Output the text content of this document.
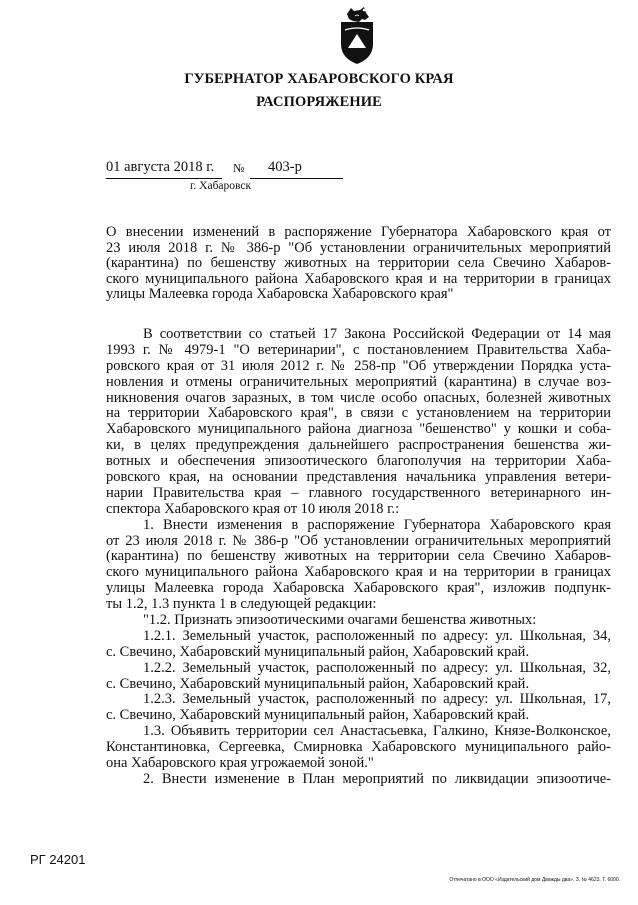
ГУБЕРНАТОР ХАБАРОВСКОГО КРАЯ
РАСПОРЯЖЕНИЕ
01 августа 2018 г. № 403-р
г. Хабаровск
О внесении изменений в распоряжение Губернатора Хабаровского края от
23 июля 2018 г. № 386-р "Об установлении ограничительных мероприятий
(карантина) по бешенству животных на территории села Свечино Хабаров-
ского муниципального района Хабаровского края и на территории в границах
улицы Малеевка города Хабаровска Хабаровского края"
В соответствии со статьей 17 Закона Российской Федерации от 14 мая
1993 г. № 4979-1 "О ветеринарии", с постановлением Правительства Хаба-
ровского края от 31 июля 2012 г. № 258-пр "Об утверждении Порядка уста-
новления и отмены ограничительных мероприятий (карантина) в случае воз-
никновения очагов заразных, в том числе особо опасных, болезней животных
на территории Хабаровского края", в связи с установлением на территории
Хабаровского муниципального района диагноза "бешенство" у кошки и соба-
ки, в целях предупреждения дальнейшего распространения бешенства жи-
вотных и обеспечения эпизоотического благополучия на территории Хаба-
ровского края, на основании представления начальника управления ветери-
нарии Правительства края – главного государственного ветеринарного ин-
спектора Хабаровского края от 10 июля 2018 г.:
1. Внести изменения в распоряжение Губернатора Хабаровского края
от 23 июля 2018 г. № 386-р "Об установлении ограничительных мероприятий
(карантина) по бешенству животных на территории села Свечино Хабаров-
ского муниципального района Хабаровского края и на территории в границах
улицы Малеевка города Хабаровска Хабаровского края", изложив подпунк-
ты 1.2, 1.3 пункта 1 в следующей редакции:
"1.2. Признать эпизоотическими очагами бешенства животных:
1.2.1. Земельный участок, расположенный по адресу: ул. Школьная, 34,
с. Свечино, Хабаровский муниципальный район, Хабаровский край.
1.2.2. Земельный участок, расположенный по адресу: ул. Школьная, 32,
с. Свечино, Хабаровский муниципальный район, Хабаровский край.
1.2.3. Земельный участок, расположенный по адресу: ул. Школьная, 17,
с. Свечино, Хабаровский муниципальный район, Хабаровский край.
1.3. Объявить территории сел Анастасьевка, Галкино, Князе-Волконское,
Константиновка, Сергеевка, Смирновка Хабаровского муниципального райо-
она Хабаровского края угрожаемой зоной."
2. Внести изменение в План мероприятий по ликвидации эпизоотиче-
РГ 24201
Отпечатано в ООО «Издательский дом Дважды два». З. № 4623. Т. 6000.
